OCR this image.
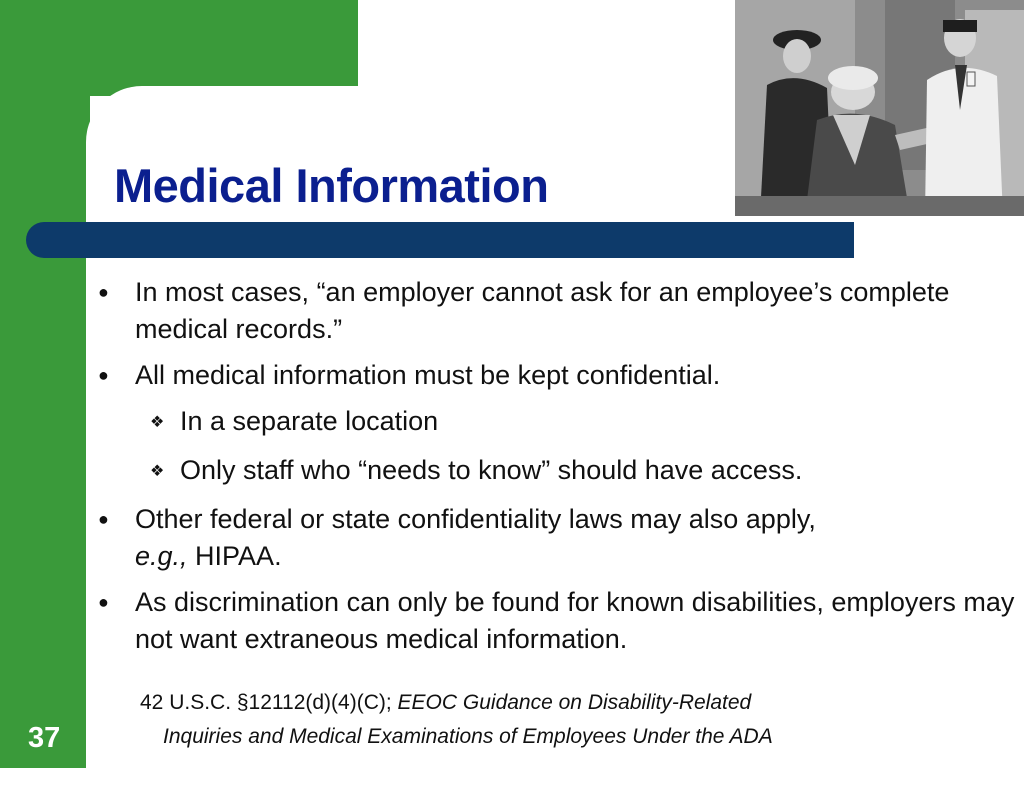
Medical Information
● In most cases, “an employer cannot ask for an employee’s complete medical records.”
● All medical information must be kept confidential.
❖ In a separate location
❖ Only staff who “needs to know” should have access.
● Other federal or state confidentiality laws may also apply,
e.g., HIPAA.
● As discrimination can only be found for known disabilities, employers may not want extraneous medical information.
42 U.S.C. §12112(d)(4)(C); EEOC Guidance on Disability-Related
Inquiries and Medical Examinations of Employees Under the ADA
37
